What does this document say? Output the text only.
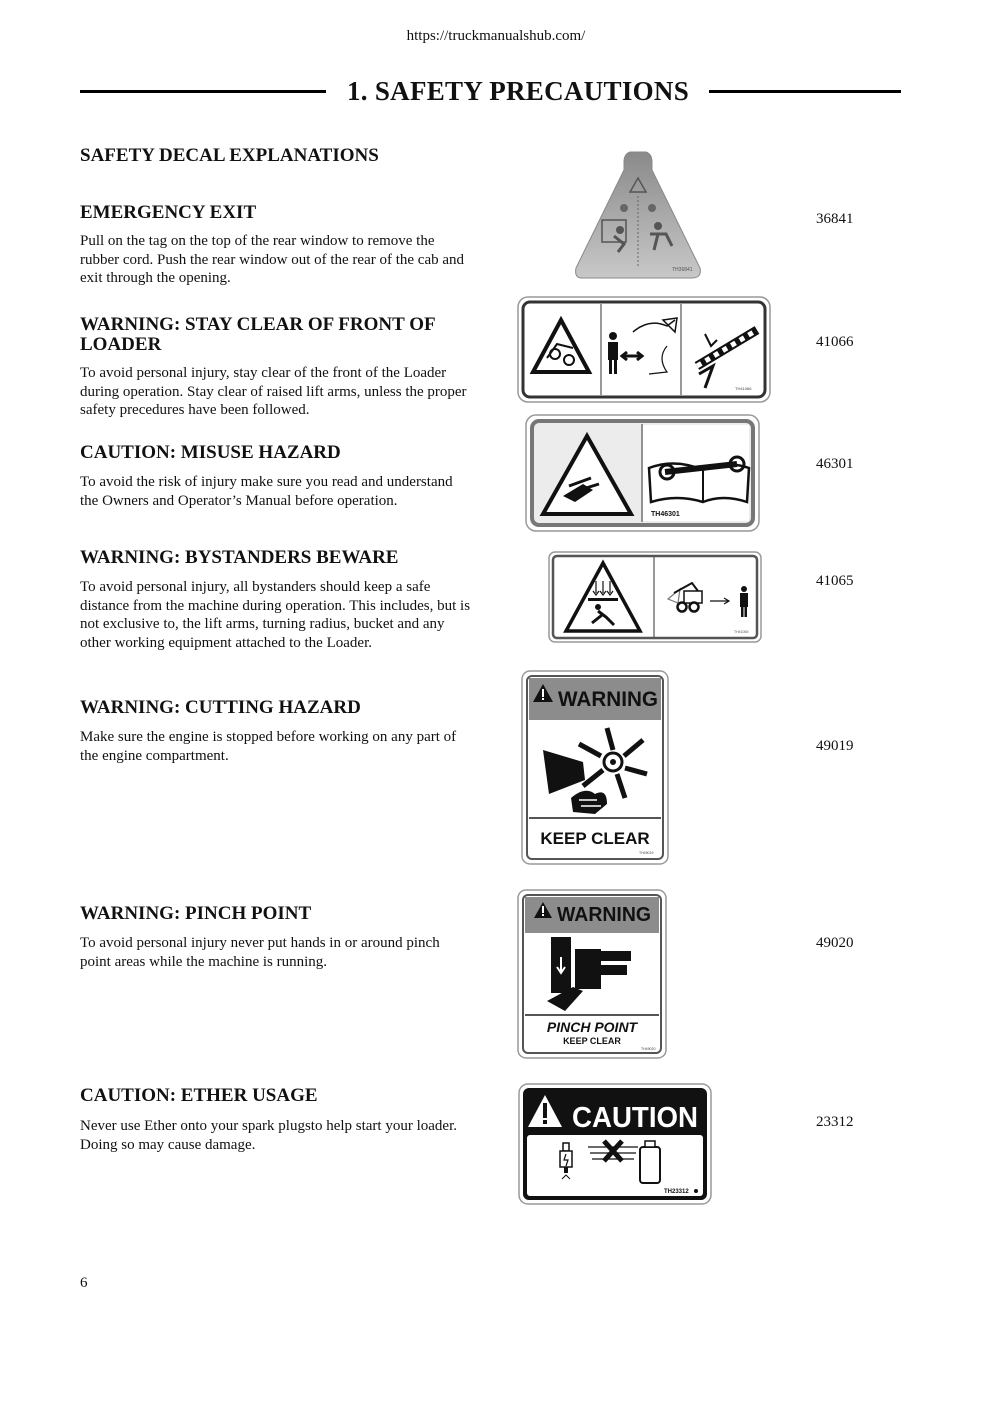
https://truckmanualshub.com/
1. SAFETY PRECAUTIONS
SAFETY DECAL EXPLANATIONS
EMERGENCY EXIT
Pull on the tag on the top of the rear window to remove the rubber cord. Push the rear window out of the rear of the cab and exit through the opening.
36841
TH36841
WARNING: STAY CLEAR OF FRONT OF LOADER
To avoid personal injury, stay clear of the front of the Loader during operation. Stay clear of raised lift arms, unless the proper safety precedures have been followed.
41066
TH41066
CAUTION: MISUSE HAZARD
To avoid the risk of injury make sure you read and understand the Owners and Operator’s Manual before operation.
46301
TH46301
WARNING: BYSTANDERS BEWARE
To avoid personal injury, all bystanders should keep a safe distance from the machine during operation. This includes, but is not exclusive to, the lift arms, turning radius, bucket and any other working equipment attached to the Loader.
41065
TH41065
WARNING: CUTTING HAZARD
Make sure the engine is stopped before working on any part of the engine compartment.
49019
WARNING
KEEP CLEAR
TH49019
WARNING: PINCH POINT
To avoid personal injury never put hands in or around pinch point areas while the machine is running.
49020
WARNING
PINCH POINT
KEEP CLEAR
TH49020
CAUTION: ETHER USAGE
Never use Ether onto your spark plugsto help start your loader. Doing so may cause damage.
23312
CAUTION
TH23312
6
